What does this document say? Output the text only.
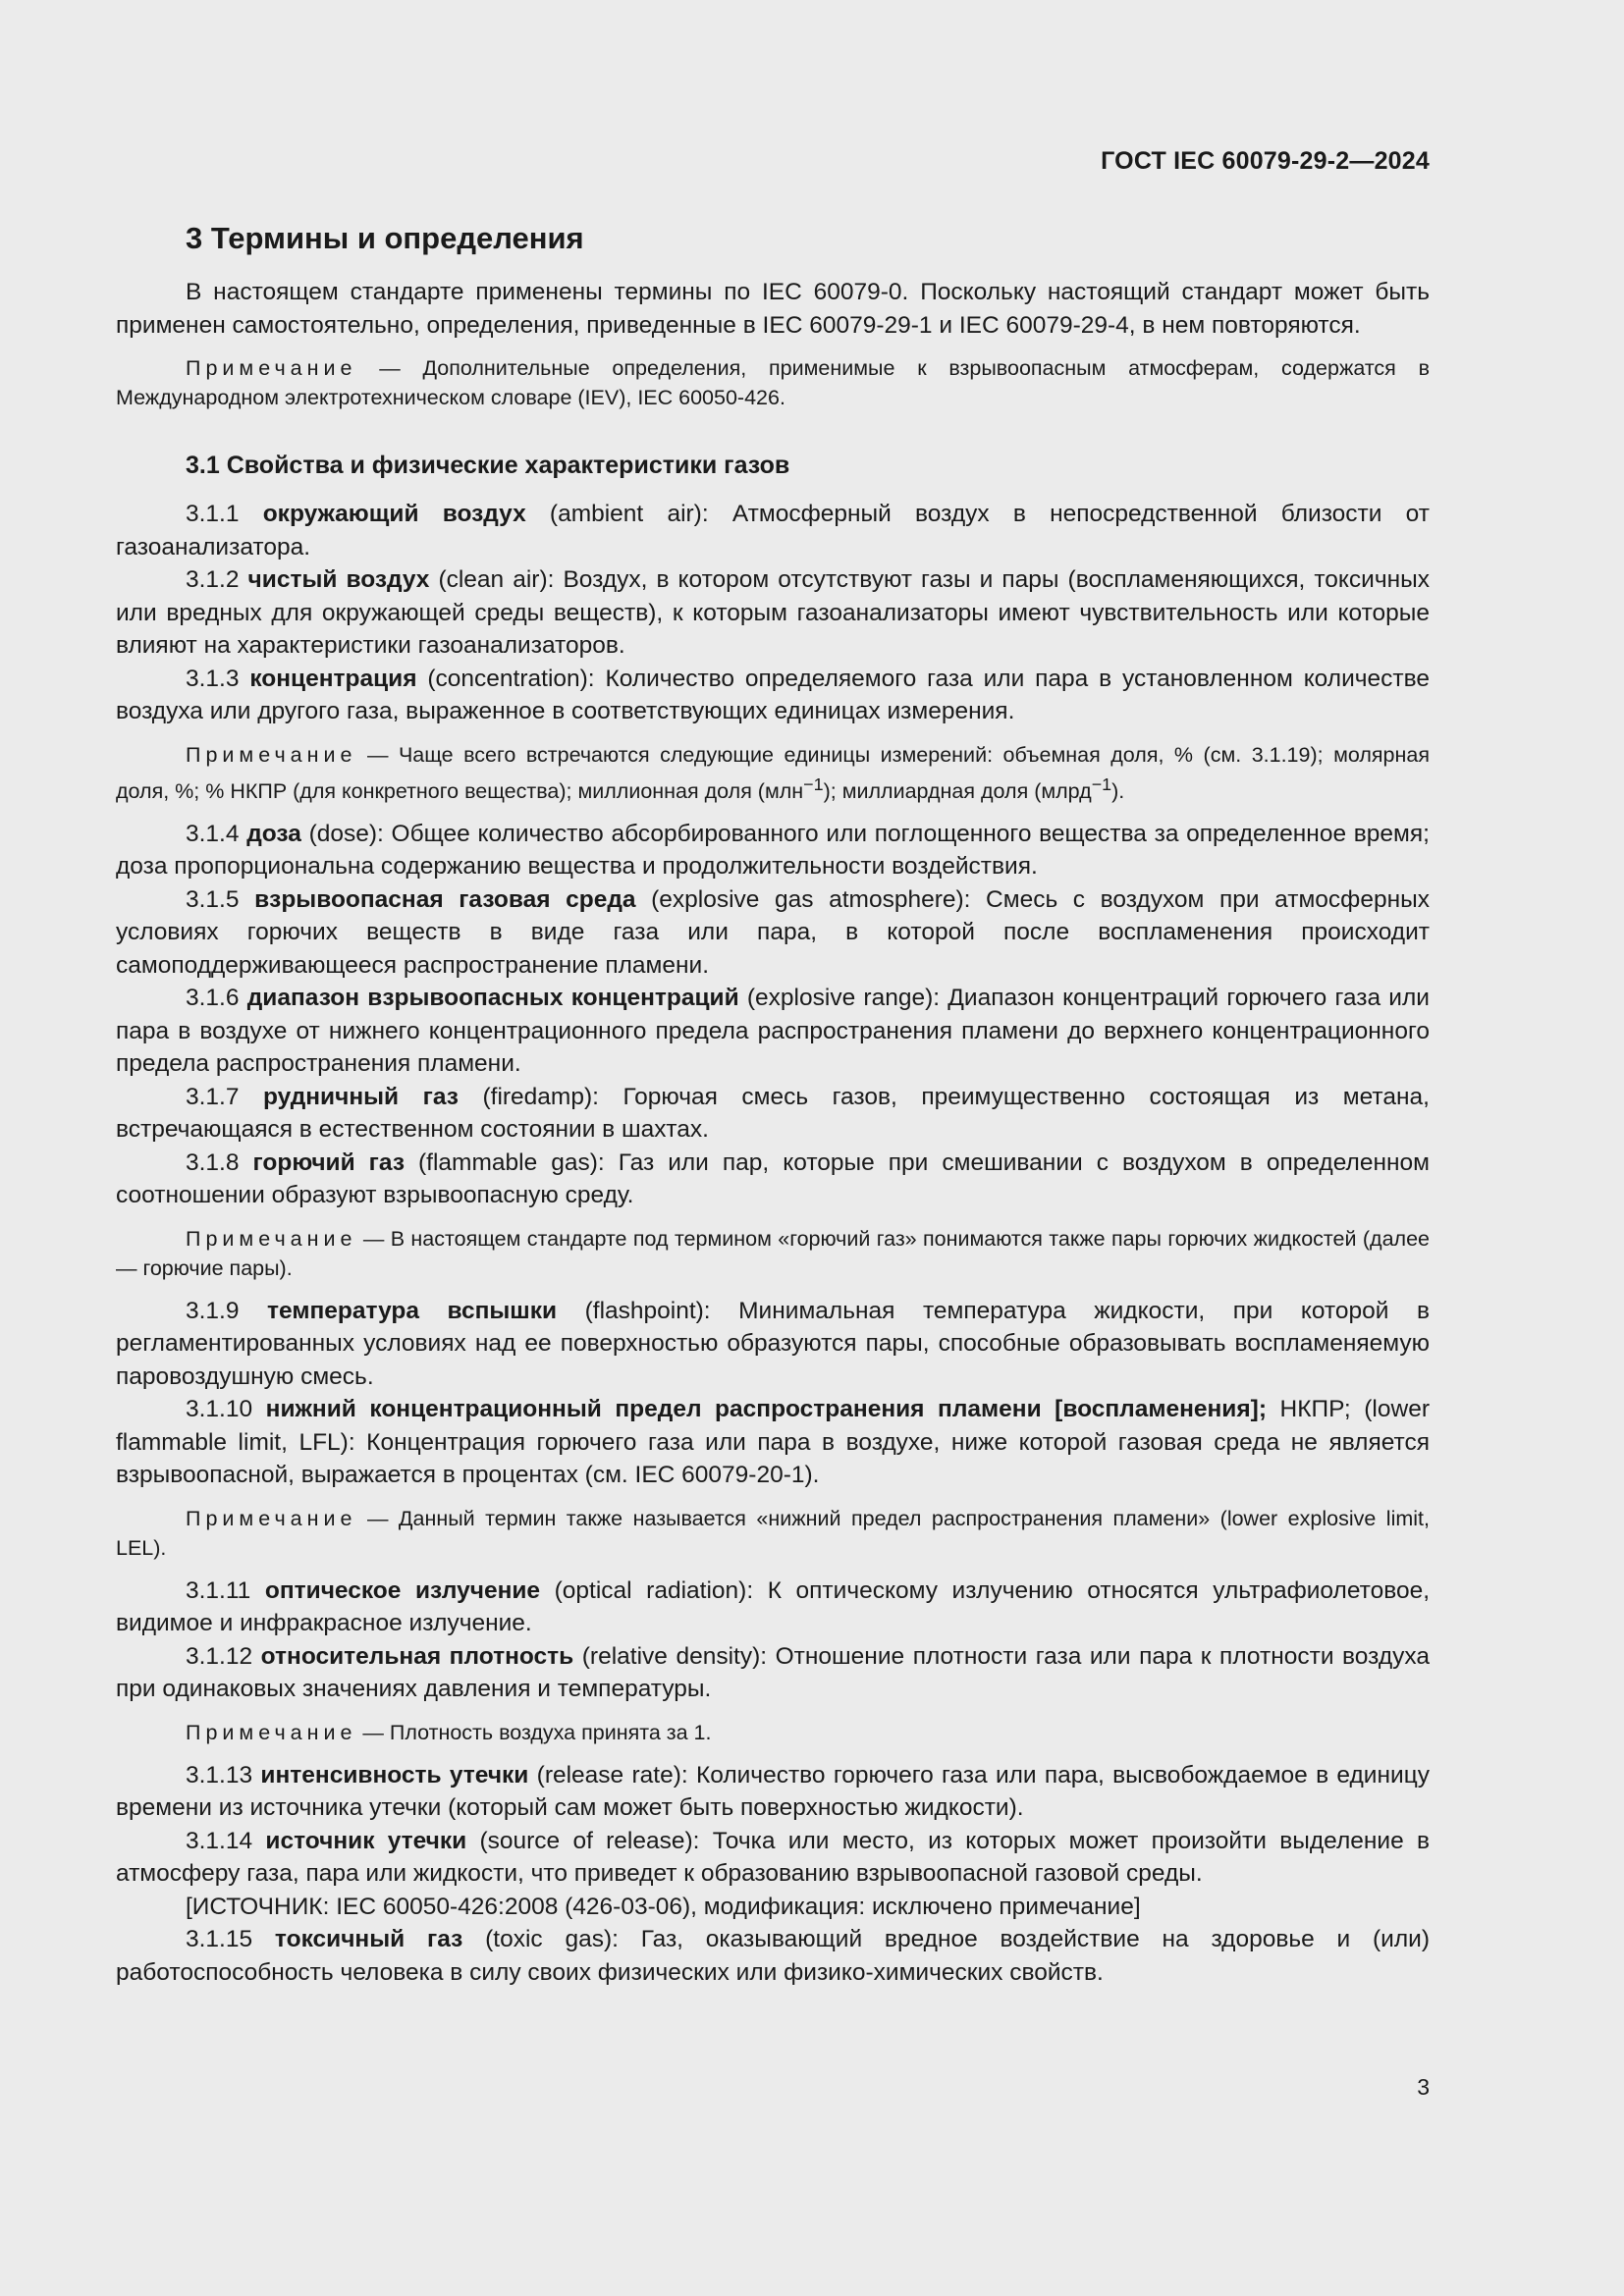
ГОСТ IEC 60079-29-2—2024
3 Термины и определения

В настоящем стандарте применены термины по IEC 60079-0. Поскольку настоящий стандарт может быть применен самостоятельно, определения, приведенные в IEC 60079-29-1 и IEC 60079-29-4, в нем повторяются.

Примечание — Дополнительные определения, применимые к взрывоопасным атмосферам, содержатся в Международном электротехническом словаре (IEV), IEC 60050-426.

3.1 Свойства и физические характеристики газов

3.1.1 окружающий воздух (ambient air): Атмосферный воздух в непосредственной близости от газоанализатора.

3.1.2 чистый воздух (clean air): Воздух, в котором отсутствуют газы и пары (воспламеняющихся, токсичных или вредных для окружающей среды веществ), к которым газоанализаторы имеют чувствительность или которые влияют на характеристики газоанализаторов.

3.1.3 концентрация (concentration): Количество определяемого газа или пара в установленном количестве воздуха или другого газа, выраженное в соответствующих единицах измерения.

Примечание — Чаще всего встречаются следующие единицы измерений: объемная доля, % (см. 3.1.19); молярная доля, %; % НКПР (для конкретного вещества); миллионная доля (млн$^{-1}$); миллиардная доля (млрд$^{-1}$).

3.1.4 доза (dose): Общее количество абсорбированного или поглощенного вещества за определенное время; доза пропорциональна содержанию вещества и продолжительности воздействия.

3.1.5 взрывоопасная газовая среда (explosive gas atmosphere): Смесь с воздухом при атмосферных условиях горючих веществ в виде газа или пара, в которой после воспламенения происходит самоподдерживающееся распространение пламени.

3.1.6 диапазон взрывоопасных концентраций (explosive range): Диапазон концентраций горючего газа или пара в воздухе от нижнего концентрационного предела распространения пламени до верхнего концентрационного предела распространения пламени.

3.1.7 рудничный газ (firedamp): Горючая смесь газов, преимущественно состоящая из метана, встречающаяся в естественном состоянии в шахтах.

3.1.8 горючий газ (flammable gas): Газ или пар, которые при смешивании с воздухом в определенном соотношении образуют взрывоопасную среду.

Примечание — В настоящем стандарте под термином «горючий газ» понимаются также пары горючих жидкостей (далее — горючие пары).

3.1.9 температура вспышки (flashpoint): Минимальная температура жидкости, при которой в регламентированных условиях над ее поверхностью образуются пары, способные образовывать воспламеняемую паровоздушную смесь.

3.1.10 нижний концентрационный предел распространения пламени [воспламенения]; НКПР; (lower flammable limit, LFL): Концентрация горючего газа или пара в воздухе, ниже которой газовая среда не является взрывоопасной, выражается в процентах (см. IEC 60079-20-1).

Примечание — Данный термин также называется «нижний предел распространения пламени» (lower explosive limit, LEL).

3.1.11 оптическое излучение (optical radiation): К оптическому излучению относятся ультрафиолетовое, видимое и инфракрасное излучение.

3.1.12 относительная плотность (relative density): Отношение плотности газа или пара к плотности воздуха при одинаковых значениях давления и температуры.

Примечание — Плотность воздуха принята за 1.

3.1.13 интенсивность утечки (release rate): Количество горючего газа или пара, высвобождаемое в единицу времени из источника утечки (который сам может быть поверхностью жидкости).

3.1.14 источник утечки (source of release): Точка или место, из которых может произойти выделение в атмосферу газа, пара или жидкости, что приведет к образованию взрывоопасной газовой среды.

[ИСТОЧНИК: IEC 60050-426:2008 (426-03-06), модификация: исключено примечание]

3.1.15 токсичный газ (toxic gas): Газ, оказывающий вредное воздействие на здоровье и (или) работоспособность человека в силу своих физических или физико-химических свойств.

3
